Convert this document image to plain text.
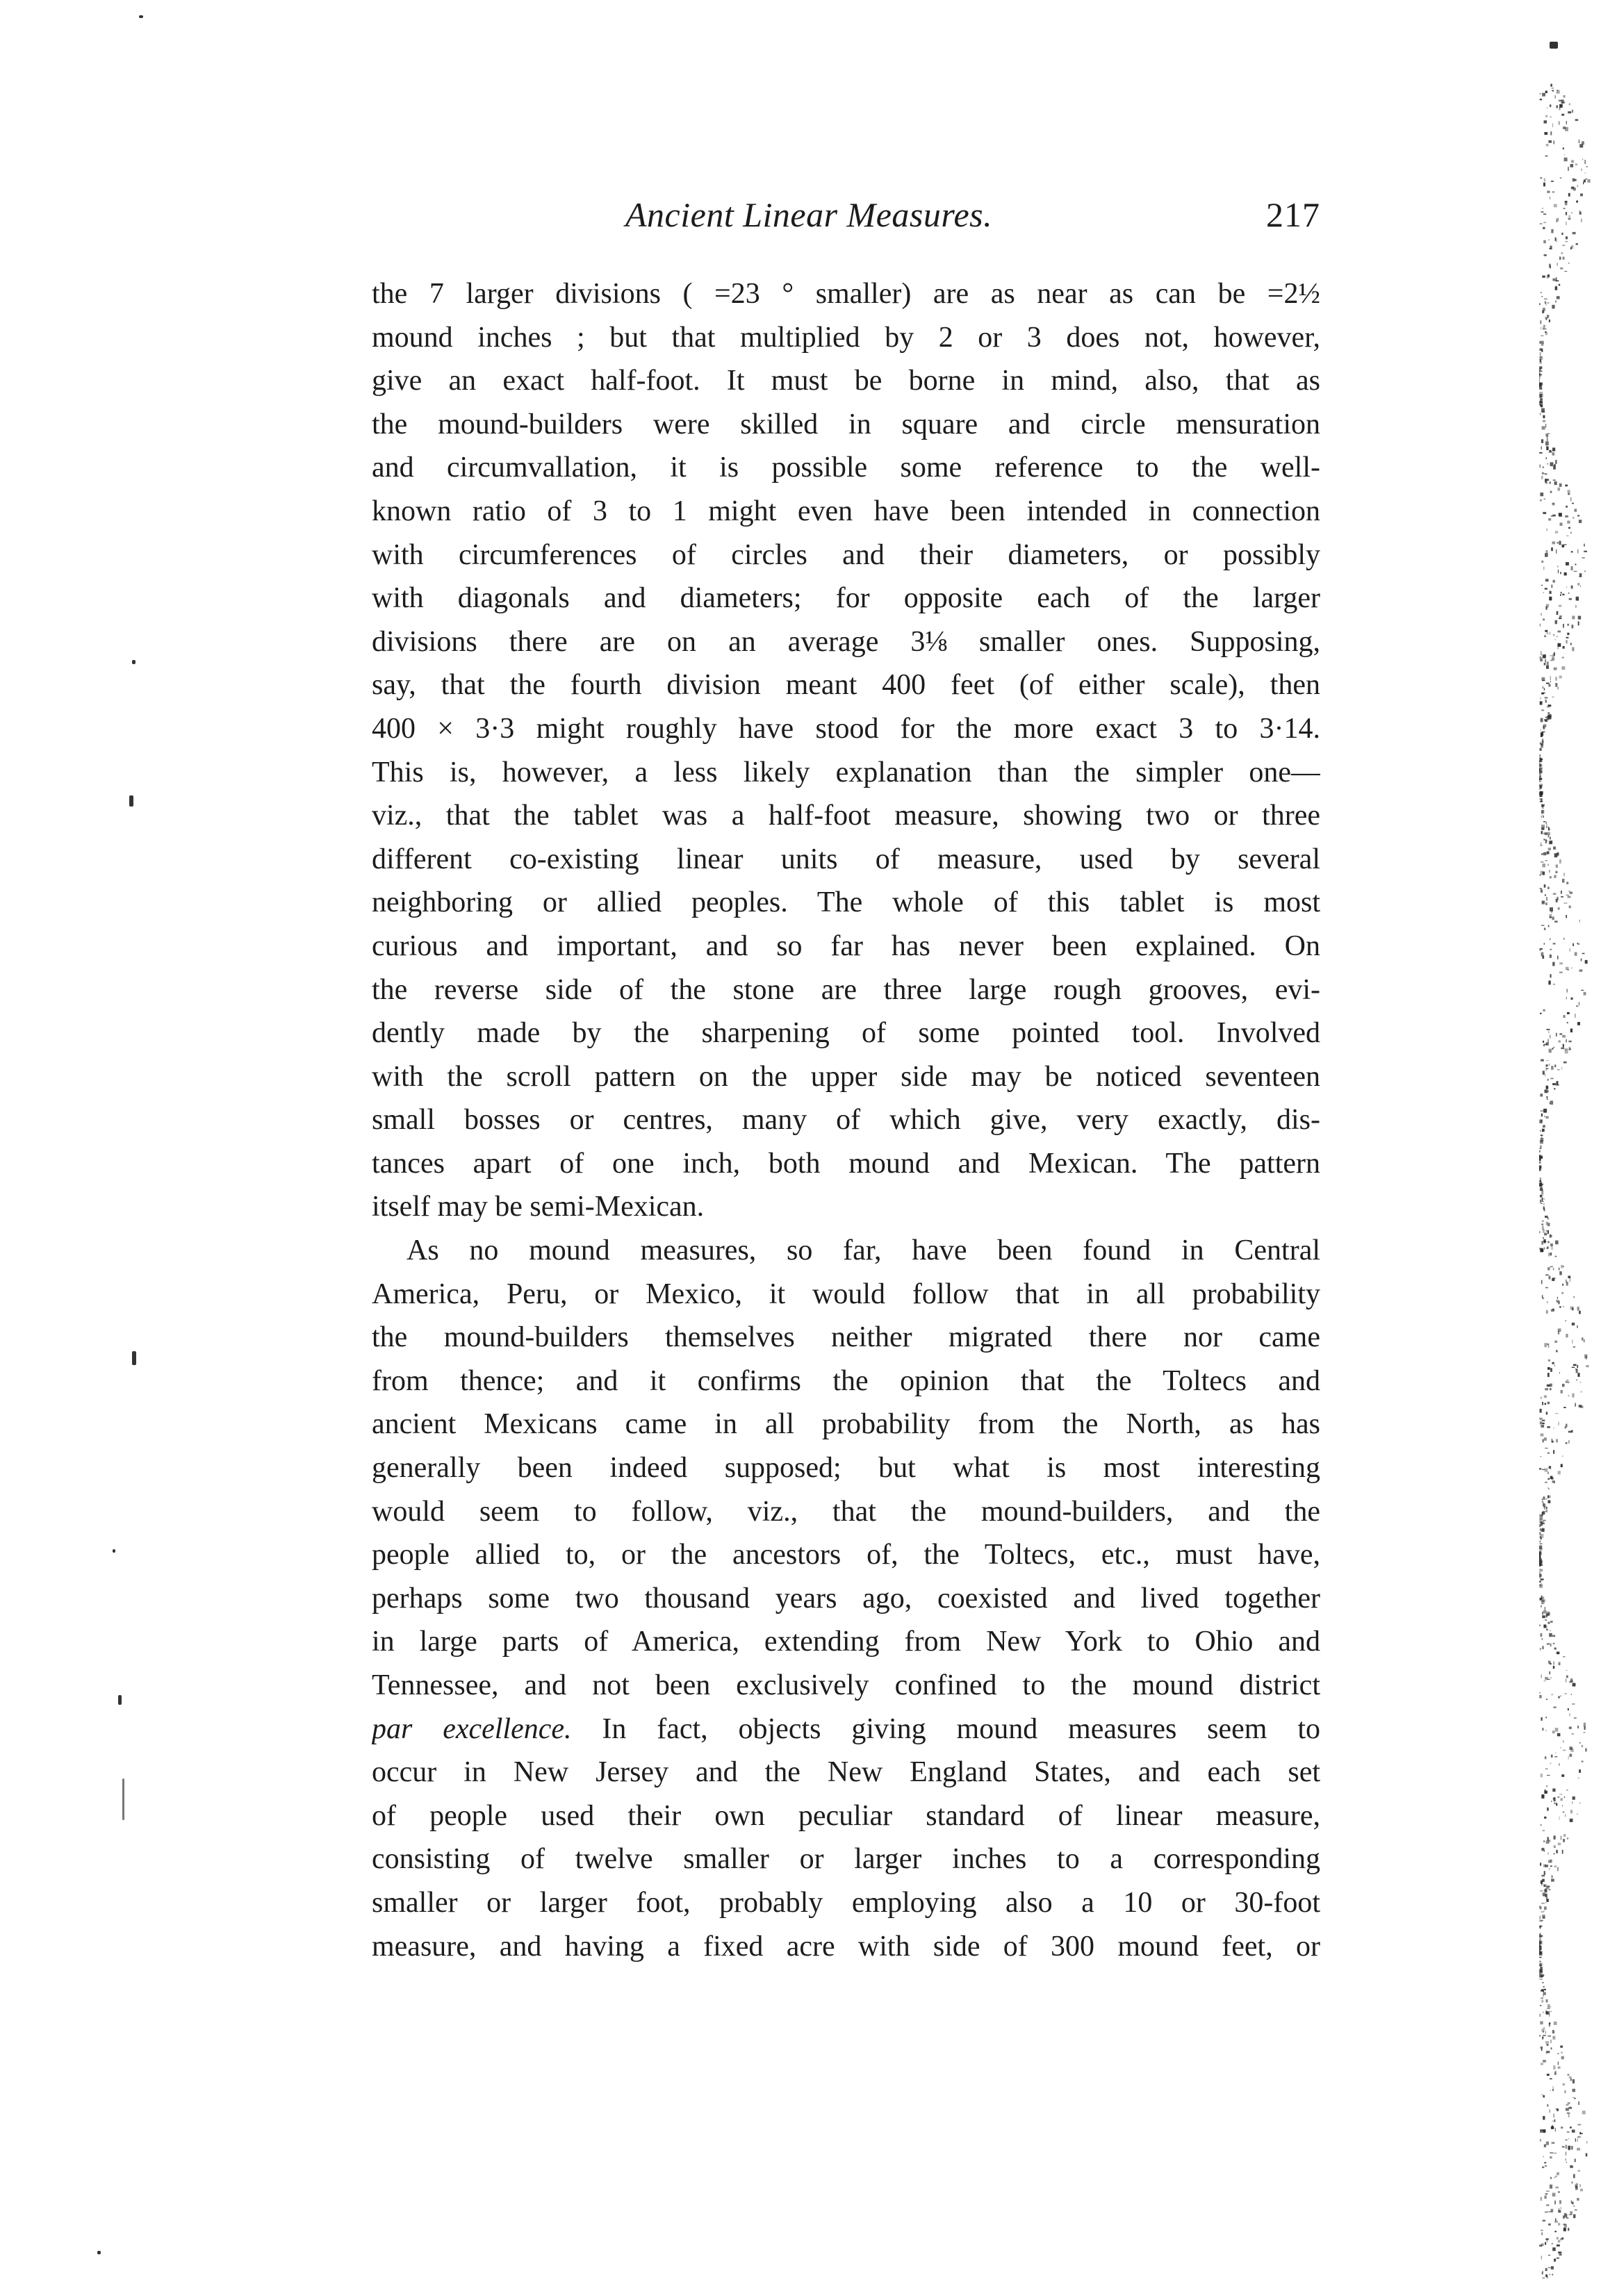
Ancient Linear Measures.	217
the 7 larger divisions ( =23 ° smaller) are as near as can be =2½
mound inches ; but that multiplied by 2 or 3 does not, however,
give an exact half-foot. It must be borne in mind, also, that as
the mound-builders were skilled in square and circle mensuration
and circumvallation, it is possible some reference to the well-
known ratio of 3 to 1 might even have been intended in connection
with circumferences of circles and their diameters, or possibly
with diagonals and diameters; for opposite each of the larger
divisions there are on an average 3⅛ smaller ones. Supposing,
say, that the fourth division meant 400 feet (of either scale), then
400 × 3·3 might roughly have stood for the more exact 3 to 3·14.
This is, however, a less likely explanation than the simpler one—
viz., that the tablet was a half-foot measure, showing two or three
different co-existing linear units of measure, used by several
neighboring or allied peoples. The whole of this tablet is most
curious and important, and so far has never been explained. On
the reverse side of the stone are three large rough grooves, evi-
dently made by the sharpening of some pointed tool. Involved
with the scroll pattern on the upper side may be noticed seventeen
small bosses or centres, many of which give, very exactly, dis-
tances apart of one inch, both mound and Mexican. The pattern
itself may be semi-Mexican.
As no mound measures, so far, have been found in Central
America, Peru, or Mexico, it would follow that in all probability
the mound-builders themselves neither migrated there nor came
from thence; and it confirms the opinion that the Toltecs and
ancient Mexicans came in all probability from the North, as has
generally been indeed supposed; but what is most interesting
would seem to follow, viz., that the mound-builders, and the
people allied to, or the ancestors of, the Toltecs, etc., must have,
perhaps some two thousand years ago, coexisted and lived together
in large parts of America, extending from New York to Ohio and
Tennessee, and not been exclusively confined to the mound district
par excellence. In fact, objects giving mound measures seem to
occur in New Jersey and the New England States, and each set
of people used their own peculiar standard of linear measure,
consisting of twelve smaller or larger inches to a corresponding
smaller or larger foot, probably employing also a 10 or 30-foot
measure, and having a fixed acre with side of 300 mound feet, or
